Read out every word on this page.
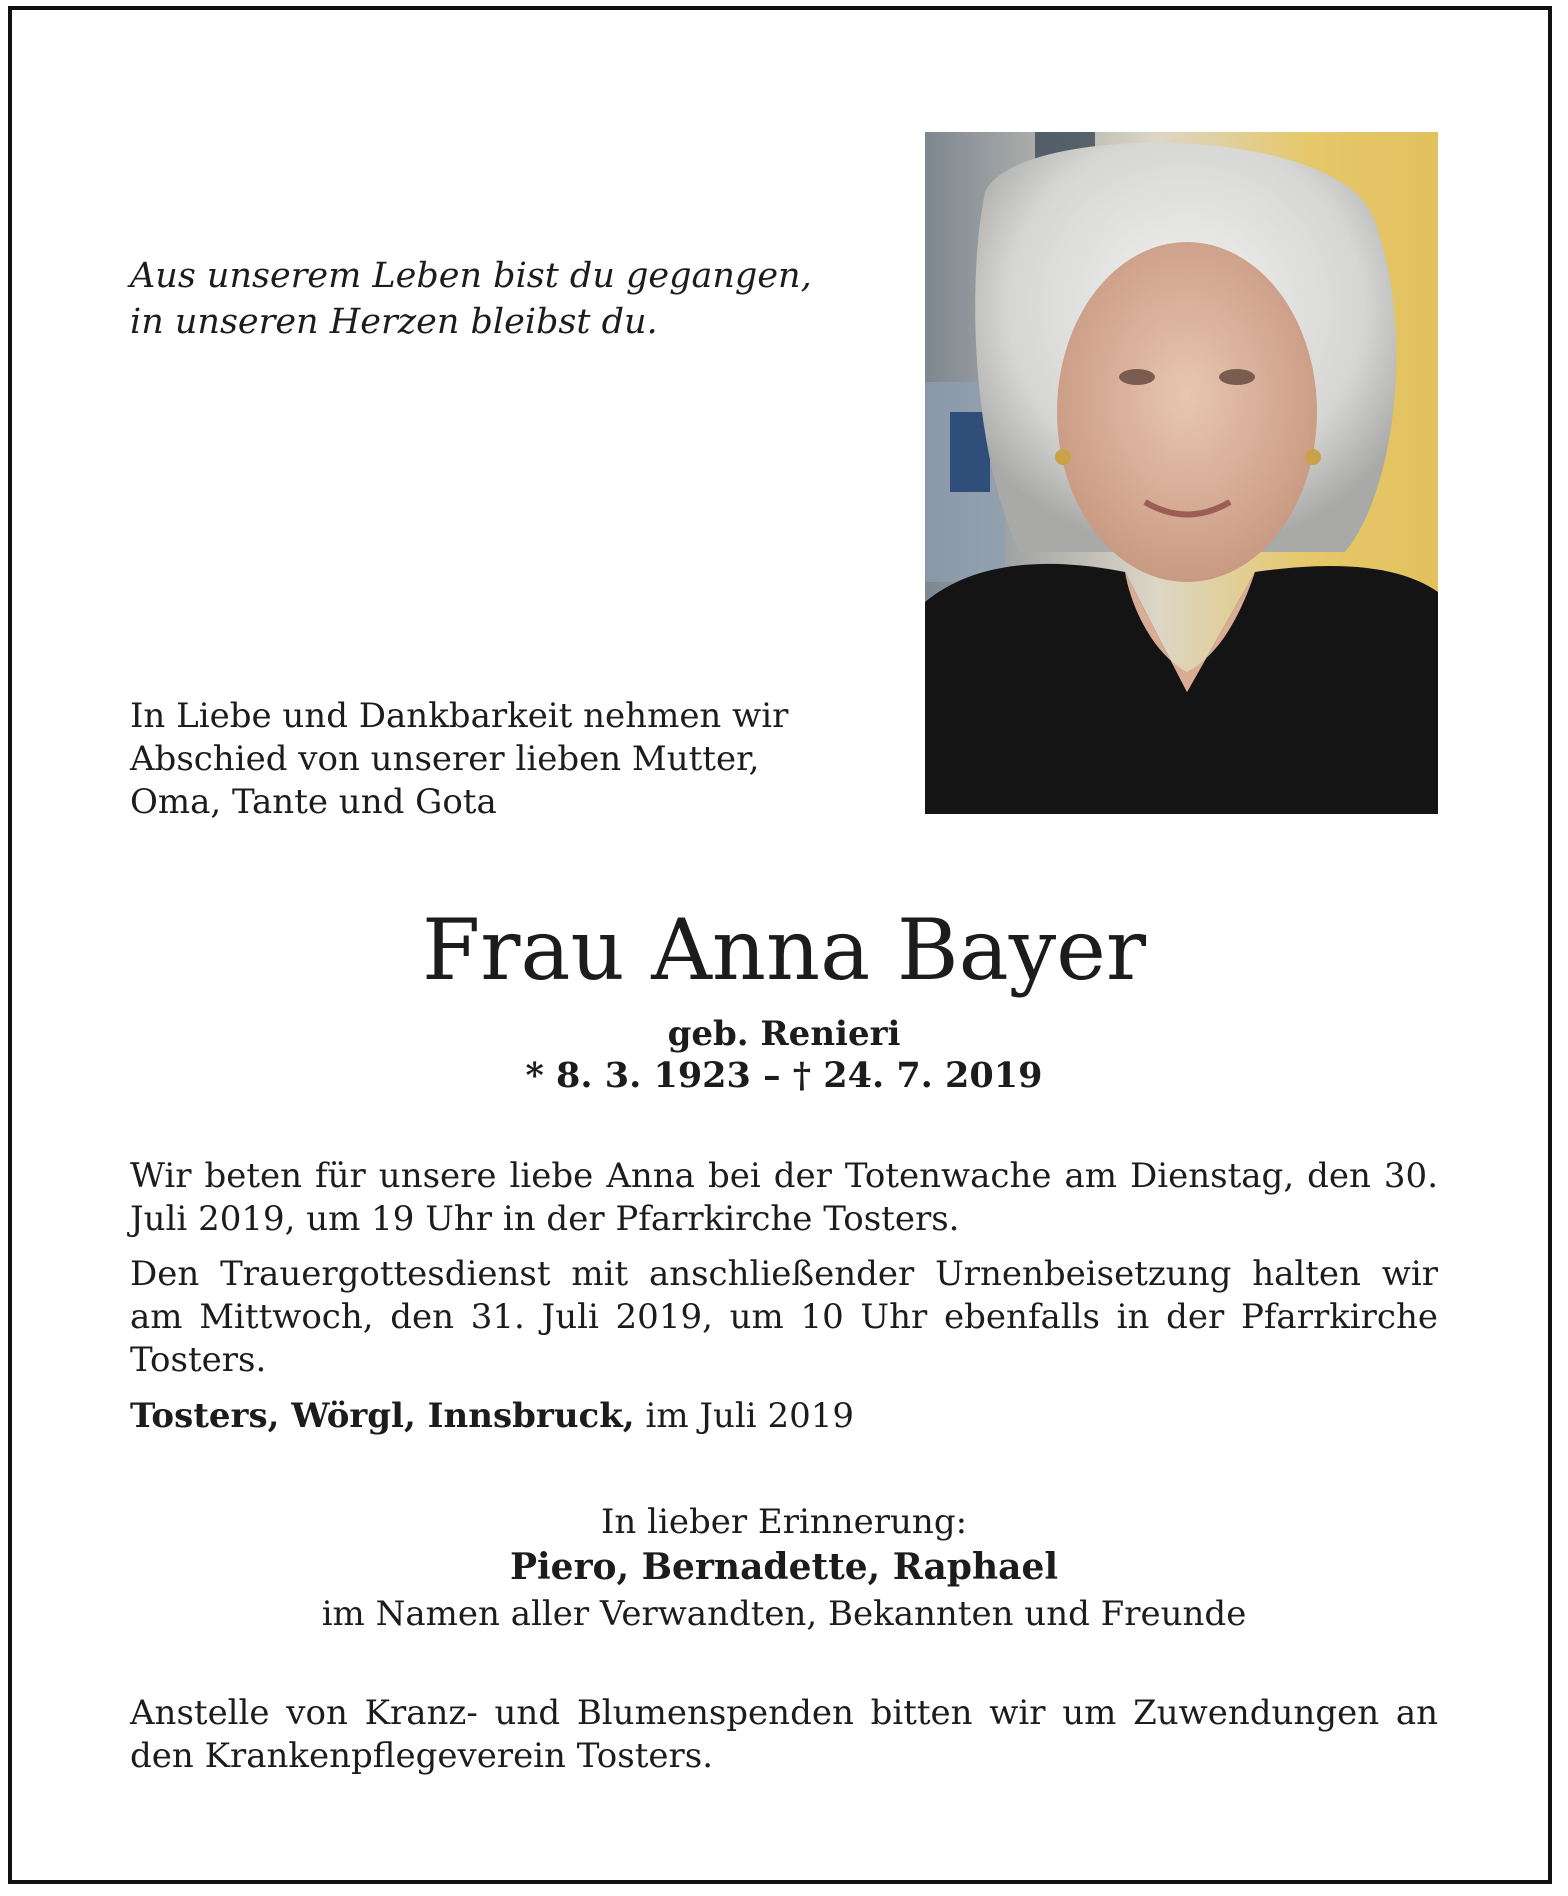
Aus unserem Leben bist du gegangen,
in unseren Herzen bleibst du.
In Liebe und Dankbarkeit nehmen wir
Abschied von unserer lieben Mutter,
Oma, Tante und Gota
Frau Anna Bayer
geb. Renieri
* 8. 3. 1923 – † 24. 7. 2019
Wir beten für unsere liebe Anna bei der Totenwache am Dienstag, den 30. Juli 2019, um 19 Uhr in der Pfarrkirche Tosters.
Den Trauergottesdienst mit anschließender Urnenbeisetzung halten wir am Mittwoch, den 31. Juli 2019, um 10 Uhr ebenfalls in der Pfarrkirche Tosters.
Tosters, Wörgl, Innsbruck, im Juli 2019
In lieber Erinnerung:
Piero, Bernadette, Raphael
im Namen aller Verwandten, Bekannten und Freunde
Anstelle von Kranz- und Blumenspenden bitten wir um Zuwendungen an den Krankenpflegeverein Tosters.
